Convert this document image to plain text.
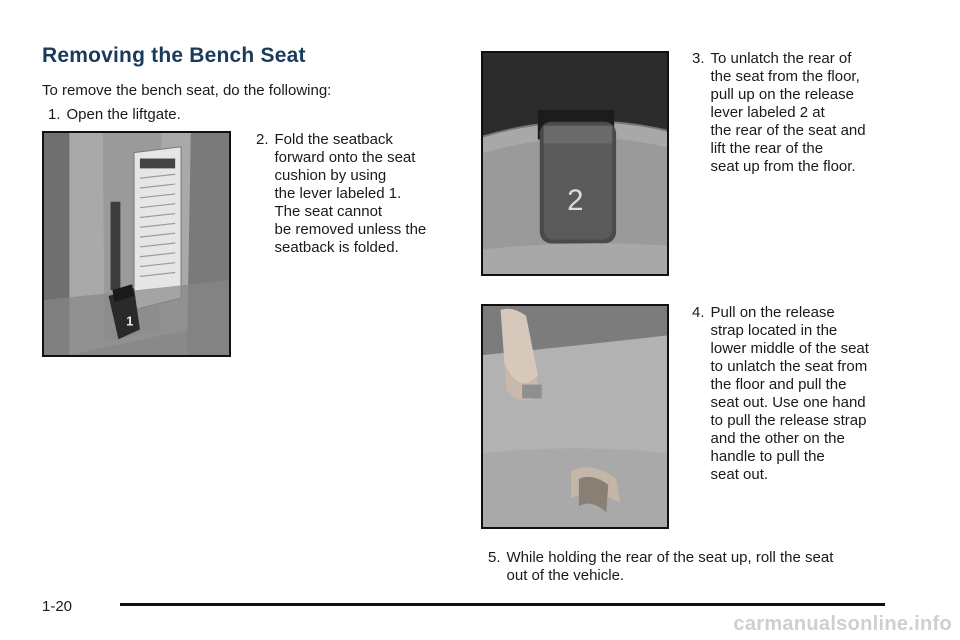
Removing the Bench Seat
To remove the bench seat, do the following:
1. Open the liftgate.
1
2. Fold the seatback
forward onto the seat
cushion by using
the lever labeled 1.
The seat cannot
be removed unless the
seatback is folded.
2
3. To unlatch the rear of
the seat from the floor,
pull up on the release
lever labeled 2 at
the rear of the seat and
lift the rear of the
seat up from the floor.
4. Pull on the release
strap located in the
lower middle of the seat
to unlatch the seat from
the floor and pull the
seat out. Use one hand
to pull the release strap
and the other on the
handle to pull the
seat out.
5. While holding the rear of the seat up, roll the seat
out of the vehicle.
1-20
carmanualsonline.info
